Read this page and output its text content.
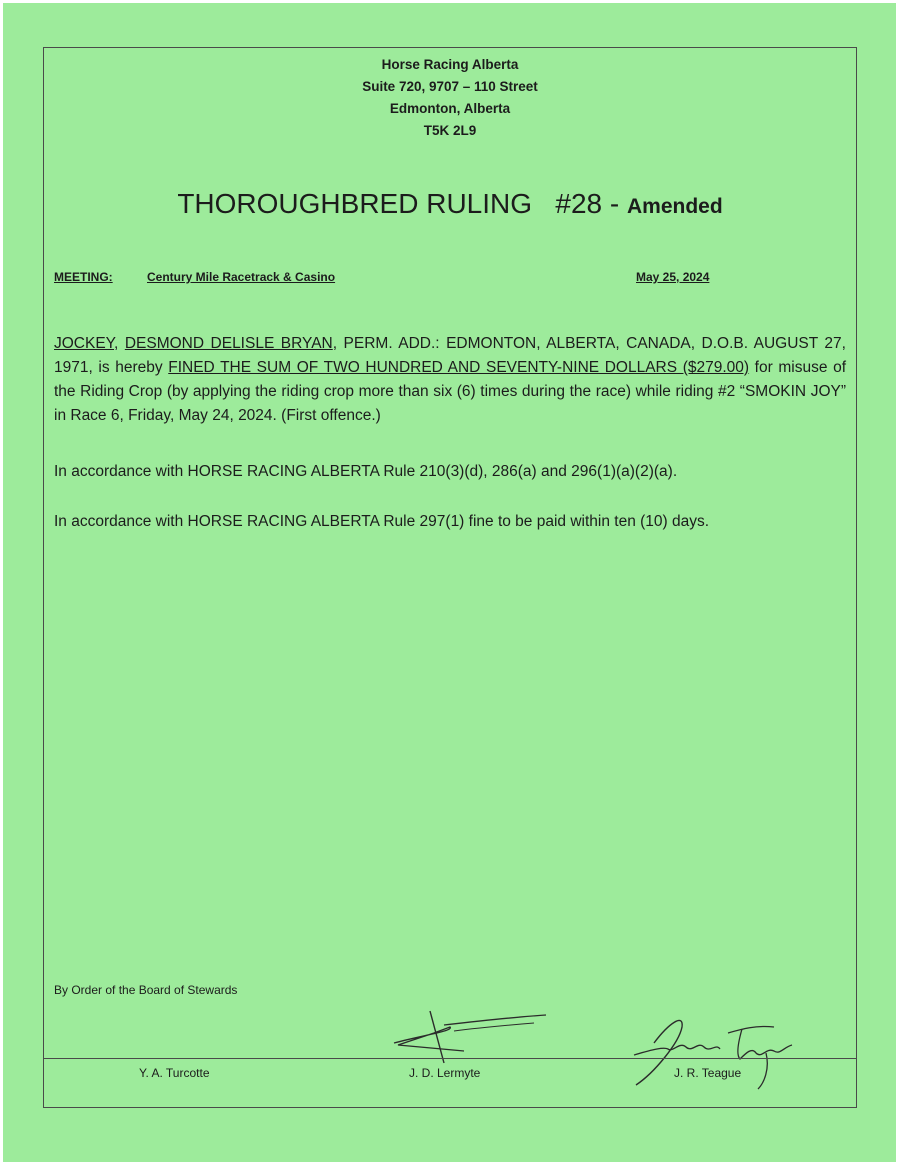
Horse Racing Alberta
Suite 720, 9707 – 110 Street
Edmonton, Alberta
T5K 2L9
THOROUGHBRED RULING #28 - Amended
MEETING:	Century Mile Racetrack & Casino	May 25, 2024

JOCKEY, DESMOND DELISLE BRYAN, PERM. ADD.: EDMONTON, ALBERTA, CANADA, D.O.B. AUGUST 27, 1971, is hereby FINED THE SUM OF TWO HUNDRED AND SEVENTY-NINE DOLLARS ($279.00) for misuse of the Riding Crop (by applying the riding crop more than six (6) times during the race) while riding #2 “SMOKIN JOY” in Race 6, Friday, May 24, 2024. (First offence.)

In accordance with HORSE RACING ALBERTA Rule 210(3)(d), 286(a) and 296(1)(a)(2)(a).

In accordance with HORSE RACING ALBERTA Rule 297(1) fine to be paid within ten (10) days.

By Order of the Board of Stewards
Y. A. Turcotte	J. D. Lermyte	J. R. Teague
